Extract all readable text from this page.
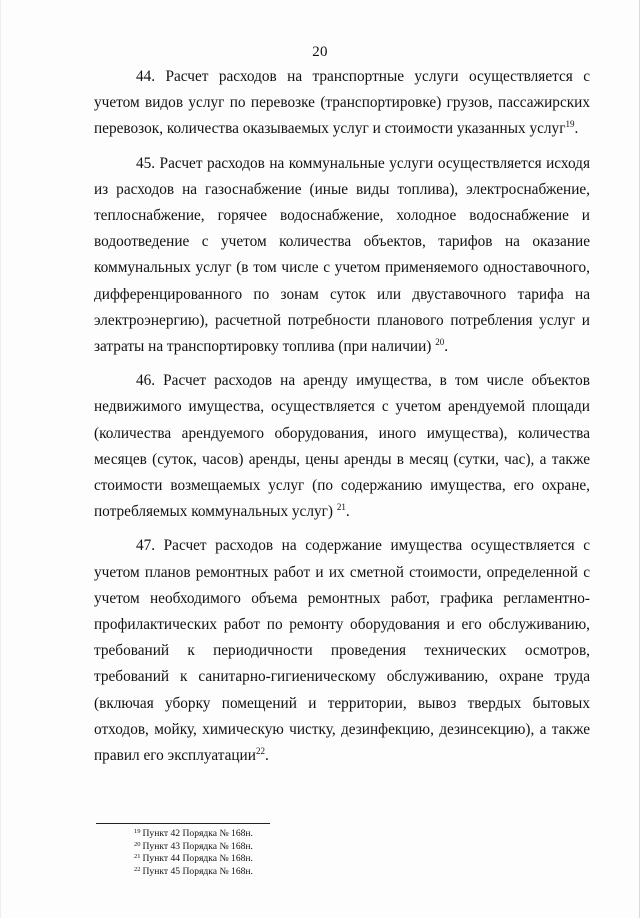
20

44. Расчет расходов на транспортные услуги осуществляется с учетом видов услуг по перевозке (транспортировке) грузов, пассажирских перевозок, количества оказываемых услуг и стоимости указанных услуг$^{19}$.

45. Расчет расходов на коммунальные услуги осуществляется исходя из расходов на газоснабжение (иные виды топлива), электроснабжение, теплоснабжение, горячее водоснабжение, холодное водоснабжение и водоотведение с учетом количества объектов, тарифов на оказание коммунальных услуг (в том числе с учетом применяемого одноставочного, дифференцированного по зонам суток или двуставочного тарифа на электроэнергию), расчетной потребности планового потребления услуг и затраты на транспортировку топлива (при наличии) $^{20}$.

46. Расчет расходов на аренду имущества, в том числе объектов недвижимого имущества, осуществляется с учетом арендуемой площади (количества арендуемого оборудования, иного имущества), количества месяцев (суток, часов) аренды, цены аренды в месяц (сутки, час), а также стоимости возмещаемых услуг (по содержанию имущества, его охране, потребляемых коммунальных услуг) $^{21}$.

47. Расчет расходов на содержание имущества осуществляется с учетом планов ремонтных работ и их сметной стоимости, определенной с учетом необходимого объема ремонтных работ, графика регламентно-профилактических работ по ремонту оборудования и его обслуживанию, требований к периодичности проведения технических осмотров, требований к санитарно-гигиеническому обслуживанию, охране труда (включая уборку помещений и территории, вывоз твердых бытовых отходов, мойку, химическую чистку, дезинфекцию, дезинсекцию), а также правил его эксплуатации$^{22}$.

$^{19}$ Пункт 42 Порядка № 168н.
$^{20}$ Пункт 43 Порядка № 168н.
$^{21}$ Пункт 44 Порядка № 168н.
$^{22}$ Пункт 45 Порядка № 168н.
